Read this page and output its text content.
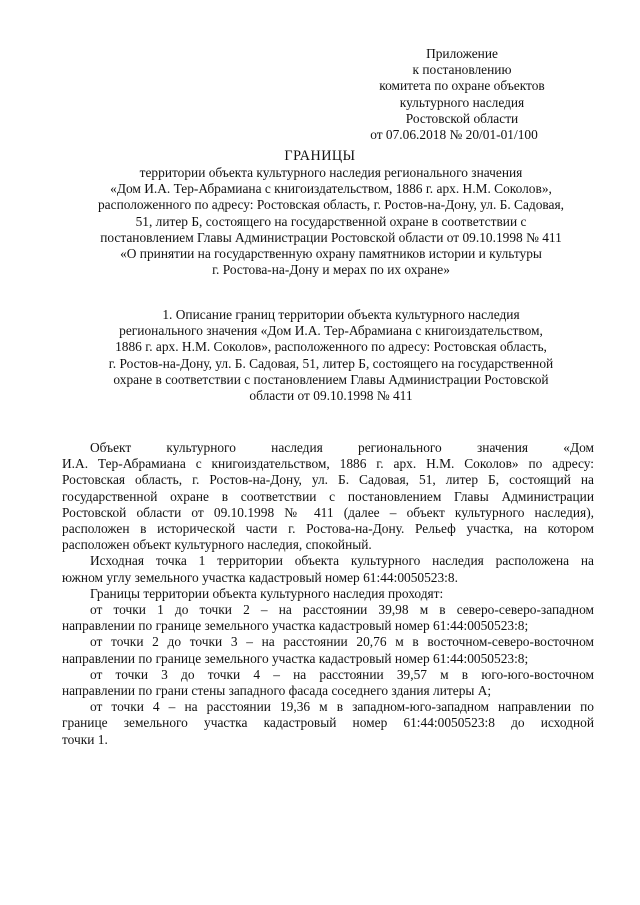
Приложение
к постановлению
комитета по охране объектов
культурного наследия
Ростовской области
от 07.06.2018 № 20/01-01/100
ГРАНИЦЫ
территории объекта культурного наследия регионального значения
«Дом И.А. Тер-Абрамиана с книгоиздательством, 1886 г. арх. Н.М. Соколов»,
расположенного по адресу: Ростовская область, г. Ростов-на-Дону, ул. Б. Садовая,
51, литер Б, состоящего на государственной охране в соответствии с
постановлением Главы Администрации Ростовской области от 09.10.1998 № 411
«О принятии на государственную охрану памятников истории и культуры
г. Ростова-на-Дону и мерах по их охране»
1. Описание границ территории объекта культурного наследия
регионального значения «Дом И.А. Тер-Абрамиана с книгоиздательством,
1886 г. арх. Н.М. Соколов», расположенного по адресу: Ростовская область,
г. Ростов-на-Дону, ул. Б. Садовая, 51, литер Б, состоящего на государственной
охране в соответствии с постановлением Главы Администрации Ростовской
области от 09.10.1998 № 411
Объект культурного наследия регионального значения «Дом
И.А. Тер-Абрамиана с книгоиздательством, 1886 г. арх. Н.М. Соколов» по адресу:
Ростовская область, г. Ростов-на-Дону, ул. Б. Садовая, 51, литер Б, состоящий на
государственной охране в соответствии с постановлением Главы Администрации
Ростовской области от 09.10.1998 № 411 (далее – объект культурного наследия),
расположен в исторической части г. Ростова-на-Дону. Рельеф участка, на котором
расположен объект культурного наследия, спокойный.
Исходная точка 1 территории объекта культурного наследия расположена на
южном углу земельного участка кадастровый номер 61:44:0050523:8.
Границы территории объекта культурного наследия проходят:
от точки 1 до точки 2 – на расстоянии 39,98 м в северо-северо-западном
направлении по границе земельного участка кадастровый номер 61:44:0050523:8;
от точки 2 до точки 3 – на расстоянии 20,76 м в восточном-северо-восточном
направлении по границе земельного участка кадастровый номер 61:44:0050523:8;
от точки 3 до точки 4 – на расстоянии 39,57 м в юго-юго-восточном
направлении по грани стены западного фасада соседнего здания литеры А;
от точки 4 – на расстоянии 19,36 м в западном-юго-западном направлении по
границе земельного участка кадастровый номер 61:44:0050523:8 до исходной
точки 1.
